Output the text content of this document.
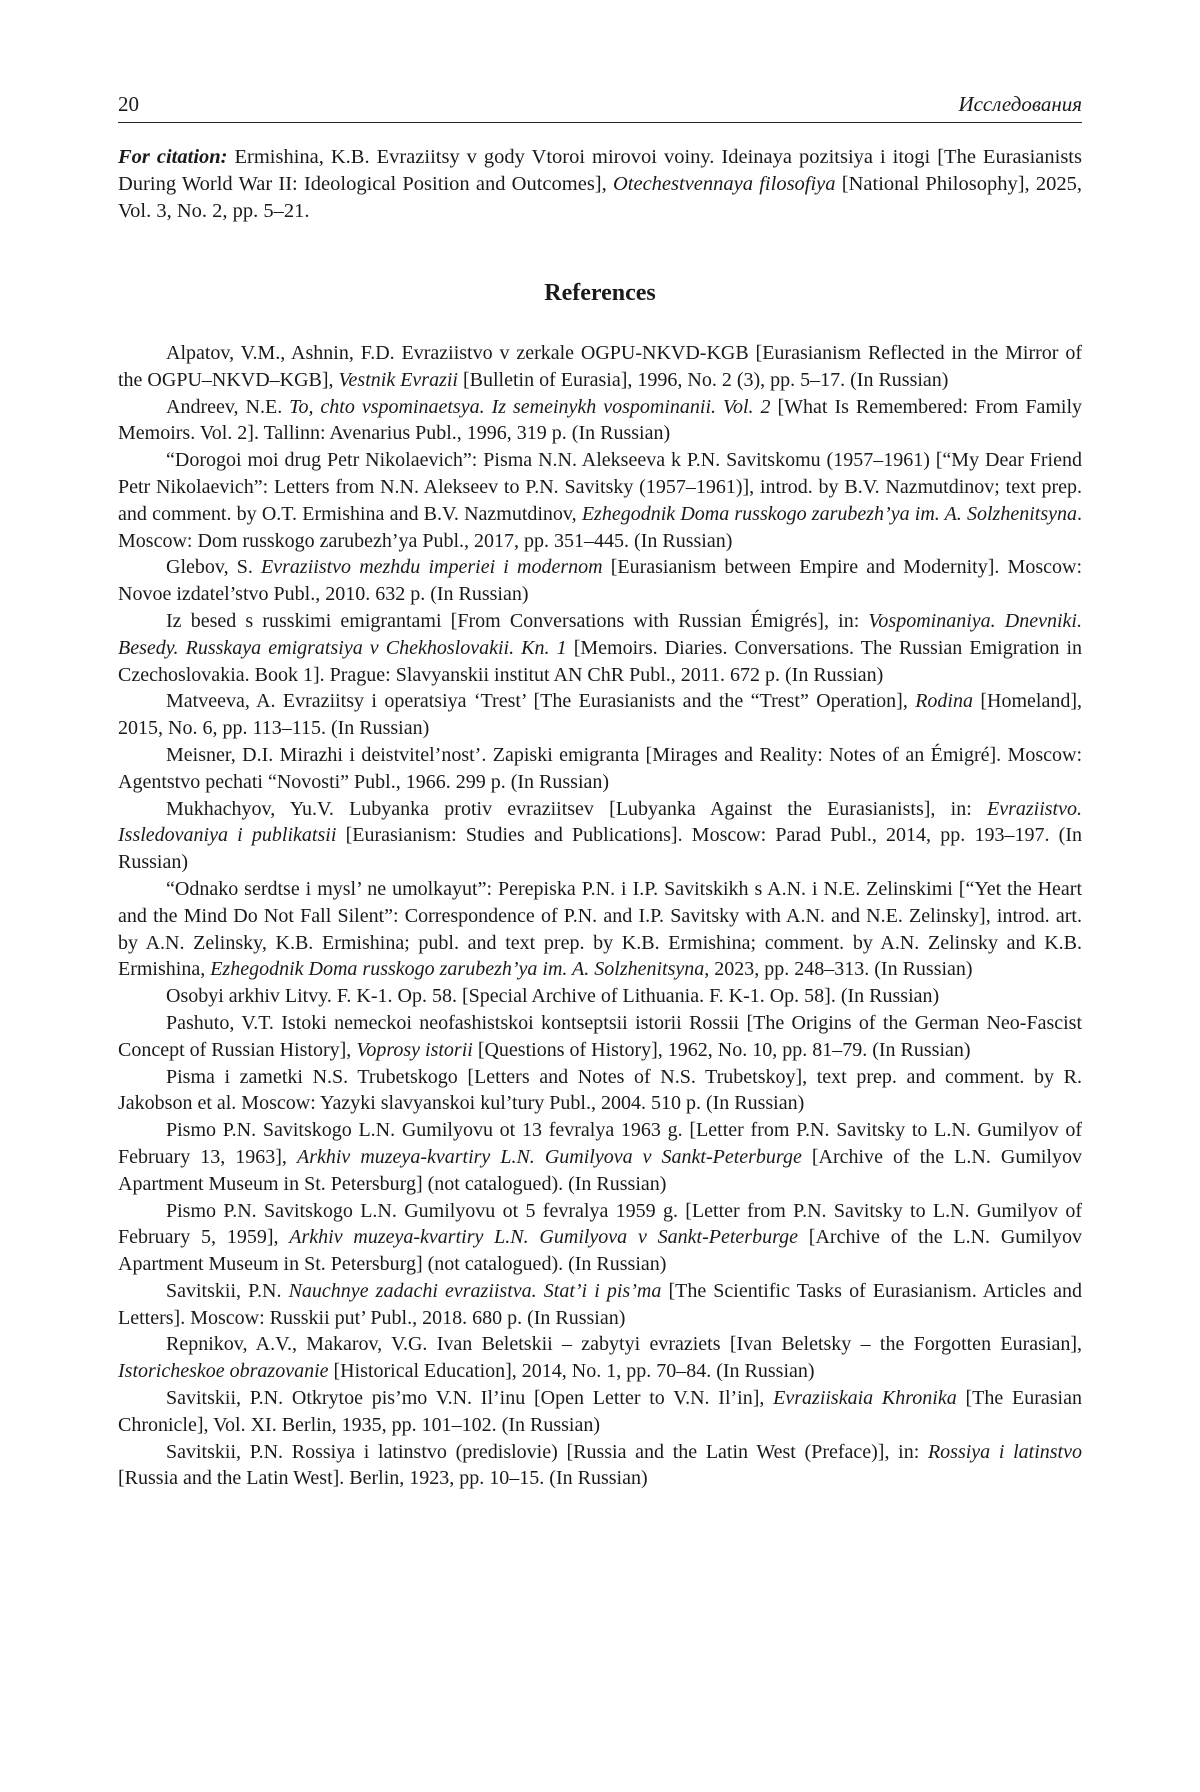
20	Исследования

For citation: Ermishina, K.B. Evraziitsy v gody Vtoroi mirovoi voiny. Ideinaya pozitsiya i itogi [The Eurasianists During World War II: Ideological Position and Outcomes], Otechestvennaya filosofiya [National Philosophy], 2025, Vol. 3, No. 2, pp. 5–21.

References

Alpatov, V.M., Ashnin, F.D. Evraziistvo v zerkale OGPU-NKVD-KGB [Eurasianism Reflected in the Mirror of the OGPU–NKVD–KGB], Vestnik Evrazii [Bulletin of Eurasia], 1996, No. 2 (3), pp. 5–17. (In Russian)

Andreev, N.E. To, chto vspominaetsya. Iz semeinykh vospominanii. Vol. 2 [What Is Remembered: From Family Memoirs. Vol. 2]. Tallinn: Avenarius Publ., 1996, 319 p. (In Russian)

“Dorogoi moi drug Petr Nikolaevich”: Pisma N.N. Alekseeva k P.N. Savitskomu (1957–1961) [“My Dear Friend Petr Nikolaevich”: Letters from N.N. Alekseev to P.N. Savitsky (1957–1961)], introd. by B.V. Nazmutdinov; text prep. and comment. by O.T. Ermishina and B.V. Nazmutdinov, Ezhegodnik Doma russkogo zarubezh’ya im. A. Solzhenitsyna. Moscow: Dom russkogo zarubezh’ya Publ., 2017, pp. 351–445. (In Russian)

Glebov, S. Evraziistvo mezhdu imperiei i modernom [Eurasianism between Empire and Modernity]. Moscow: Novoe izdatel’stvo Publ., 2010. 632 p. (In Russian)

Iz besed s russkimi emigrantami [From Conversations with Russian Émigrés], in: Vospominaniya. Dnevniki. Besedy. Russkaya emigratsiya v Chekhoslovakii. Kn. 1 [Memoirs. Diaries. Conversations. The Russian Emigration in Czechoslovakia. Book 1]. Prague: Slavyanskii institut AN ChR Publ., 2011. 672 p. (In Russian)

Matveeva, A. Evraziitsy i operatsiya ‘Trest’ [The Eurasianists and the “Trest” Operation], Rodina [Homeland], 2015, No. 6, pp. 113–115. (In Russian)

Meisner, D.I. Mirazhi i deistvitel’nost’. Zapiski emigranta [Mirages and Reality: Notes of an Émigré]. Moscow: Agentstvo pechati “Novosti” Publ., 1966. 299 p. (In Russian)

Mukhachyov, Yu.V. Lubyanka protiv evraziitsev [Lubyanka Against the Eurasianists], in: Evraziistvo. Issledovaniya i publikatsii [Eurasianism: Studies and Publications]. Moscow: Parad Publ., 2014, pp. 193–197. (In Russian)

“Odnako serdtse i mysl’ ne umolkayut”: Perepiska P.N. i I.P. Savitskikh s A.N. i N.E. Zelinskimi [“Yet the Heart and the Mind Do Not Fall Silent”: Correspondence of P.N. and I.P. Savitsky with A.N. and N.E. Zelinsky], introd. art. by A.N. Zelinsky, K.B. Ermishina; publ. and text prep. by K.B. Ermishina; comment. by A.N. Zelinsky and K.B. Ermishina, Ezhegodnik Doma russkogo zarubezh’ya im. A. Solzhenitsyna, 2023, pp. 248–313. (In Russian)

Osobyi arkhiv Litvy. F. K-1. Op. 58. [Special Archive of Lithuania. F. K-1. Op. 58]. (In Russian)

Pashuto, V.T. Istoki nemeckoi neofashistskoi kontseptsii istorii Rossii [The Origins of the German Neo-Fascist Concept of Russian History], Voprosy istorii [Questions of History], 1962, No. 10, pp. 81–79. (In Russian)

Pisma i zametki N.S. Trubetskogo [Letters and Notes of N.S. Trubetskoy], text prep. and comment. by R. Jakobson et al. Moscow: Yazyki slavyanskoi kul’tury Publ., 2004. 510 p. (In Russian)

Pismo P.N. Savitskogo L.N. Gumilyovu ot 13 fevralya 1963 g. [Letter from P.N. Savitsky to L.N. Gumilyov of February 13, 1963], Arkhiv muzeya-kvartiry L.N. Gumilyova v Sankt-Peterburge [Archive of the L.N. Gumilyov Apartment Museum in St. Petersburg] (not catalogued). (In Russian)

Pismo P.N. Savitskogo L.N. Gumilyovu ot 5 fevralya 1959 g. [Letter from P.N. Savitsky to L.N. Gumilyov of February 5, 1959], Arkhiv muzeya-kvartiry L.N. Gumilyova v Sankt-Peterburge [Archive of the L.N. Gumilyov Apartment Museum in St. Petersburg] (not catalogued). (In Russian)

Savitskii, P.N. Nauchnye zadachi evraziistva. Stat’i i pis’ma [The Scientific Tasks of Eurasianism. Articles and Letters]. Moscow: Russkii put’ Publ., 2018. 680 p. (In Russian)

Repnikov, A.V., Makarov, V.G. Ivan Beletskii – zabytyi evraziets [Ivan Beletsky – the Forgotten Eurasian], Istoricheskoe obrazovanie [Historical Education], 2014, No. 1, pp. 70–84. (In Russian)

Savitskii, P.N. Otkrytoe pis’mo V.N. Il’inu [Open Letter to V.N. Il’in], Evraziiskaia Khronika [The Eurasian Chronicle], Vol. XI. Berlin, 1935, pp. 101–102. (In Russian)

Savitskii, P.N. Rossiya i latinstvo (predislovie) [Russia and the Latin West (Preface)], in: Rossiya i latinstvo [Russia and the Latin West]. Berlin, 1923, pp. 10–15. (In Russian)
